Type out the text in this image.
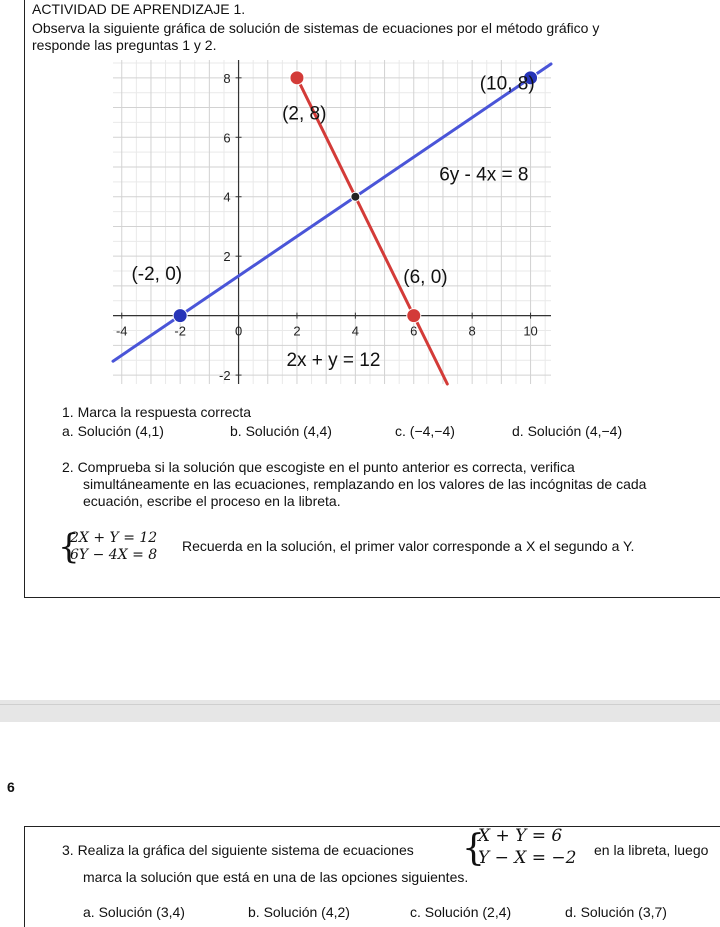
ACTIVIDAD DE APRENDIZAJE 1.
Observa la siguiente gráfica de solución de sistemas de ecuaciones por el método gráfico y
responde las preguntas 1 y 2.
-4	-2	0	2	4	6	8	10
-2
2
4
6
8
(2, 8)
(10, 8)
6y - 4x = 8
(-2, 0)	(6, 0)
2x + y = 12
1. Marca la respuesta correcta
a. Solución (4,1)	b. Solución (4,4)	c. (−4,−4)	d. Solución (4,−4)
2. Comprueba si la solución que escogiste en el punto anterior es correcta, verifica
simultáneamente en las ecuaciones, remplazando en los valores de las incógnitas de cada
ecuación, escribe el proceso en la libreta.
{
2X + Y = 12
6Y − 4X = 8
Recuerda en la solución, el primer valor corresponde a X el segundo a Y.
6
3. Realiza la gráfica del siguiente sistema de ecuaciones {
X + Y = 6
Y − X = −2 en la libreta, luego
marca la solución que está en una de las opciones siguientes.
a. Solución (3,4)	b. Solución (4,2)	c. Solución (2,4)	d. Solución (3,7)
